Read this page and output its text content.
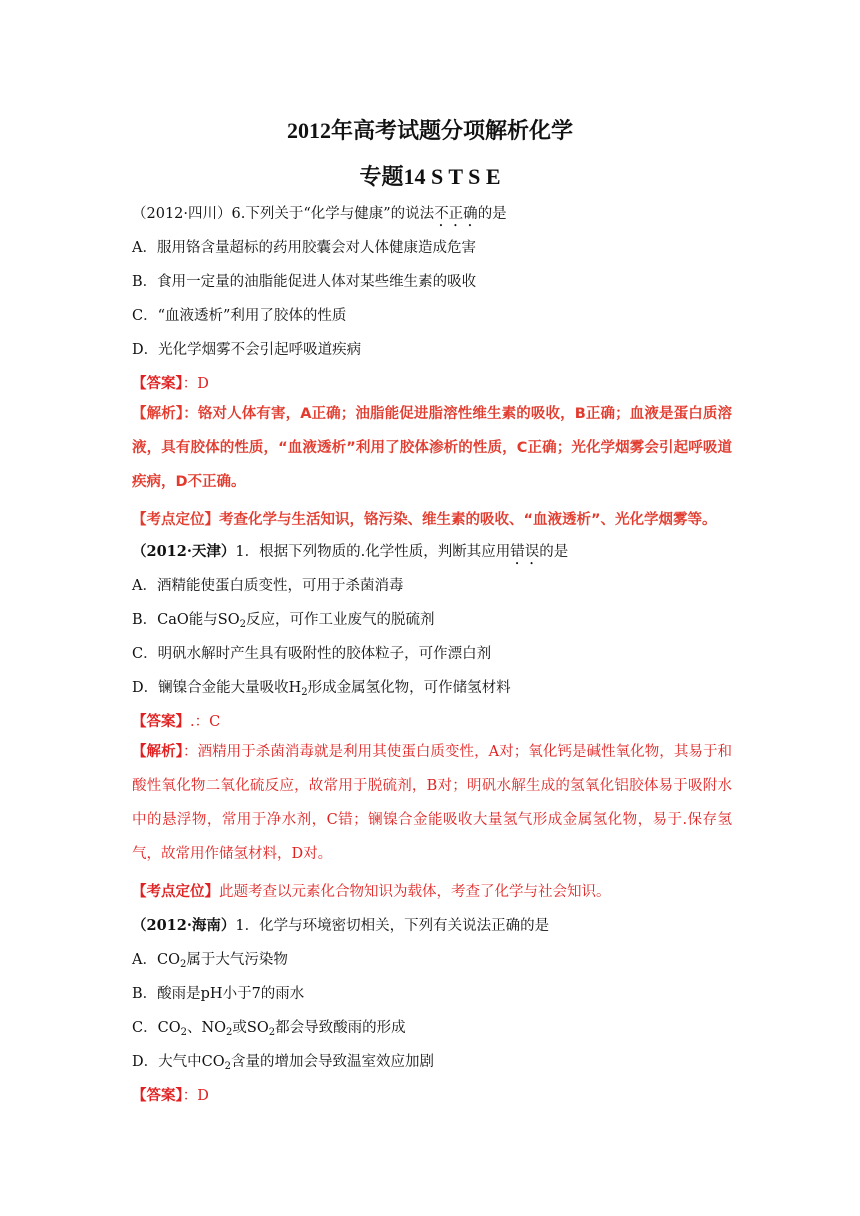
2012年高考试题分项解析化学
专题14 S T S E
（2012·四川）6.下列关于“化学与健康”的说法不正确的是
A．服用铬含量超标的药用胶囊会对人体健康造成危害
B．食用一定量的油脂能促进人体对某些维生素的吸收
C．“血液透析”利用了胶体的性质
D．光化学烟雾不会引起呼吸道疾病
【答案】：D
【解析】：铬对人体有害，A正确；油脂能促进脂溶性维生素的吸收，B正确；血液是蛋白质溶液，具有胶体的性质，“血液透析”利用了胶体渗析的性质，C正确；光化学烟雾会引起呼吸道疾病，D不正确。
【考点定位】考查化学与生活知识，铬污染、维生素的吸收、“血液透析”、光化学烟雾等。
（2012·天津）1．根据下列物质的.化学性质，判断其应用错误的是
A．酒精能使蛋白质变性，可用于杀菌消毒
B．CaO能与$SO_2$反应，可作工业废气的脱硫剂
C．明矾水解时产生具有吸附性的胶体粒子，可作漂白剂
D．镧镍合金能大量吸收$H_2$形成金属氢化物，可作储氢材料
【答案】.：C
【解析】：酒精用于杀菌消毒就是利用其使蛋白质变性，A对；氧化钙是碱性氧化物，其易于和酸性氧化物二氧化硫反应，故常用于脱硫剂，B对；明矾水解生成的氢氧化铝胶体易于吸附水中的悬浮物，常用于净水剂，C错；镧镍合金能吸收大量氢气形成金属氢化物，易于.保存氢气，故常用作储氢材料，D对。
【考点定位】此题考查以元素化合物知识为载体，考查了化学与社会知识。
（2012·海南）1．化学与环境密切相关，下列有关说法正确的是
A．$CO_2$属于大气污染物
B．酸雨是pH小于7的雨水
C．$CO_2$、$NO_2$或$SO_2$都会导致酸雨的形成
D．大气中$CO_2$含量的增加会导致温室效应加剧
【答案】：D
